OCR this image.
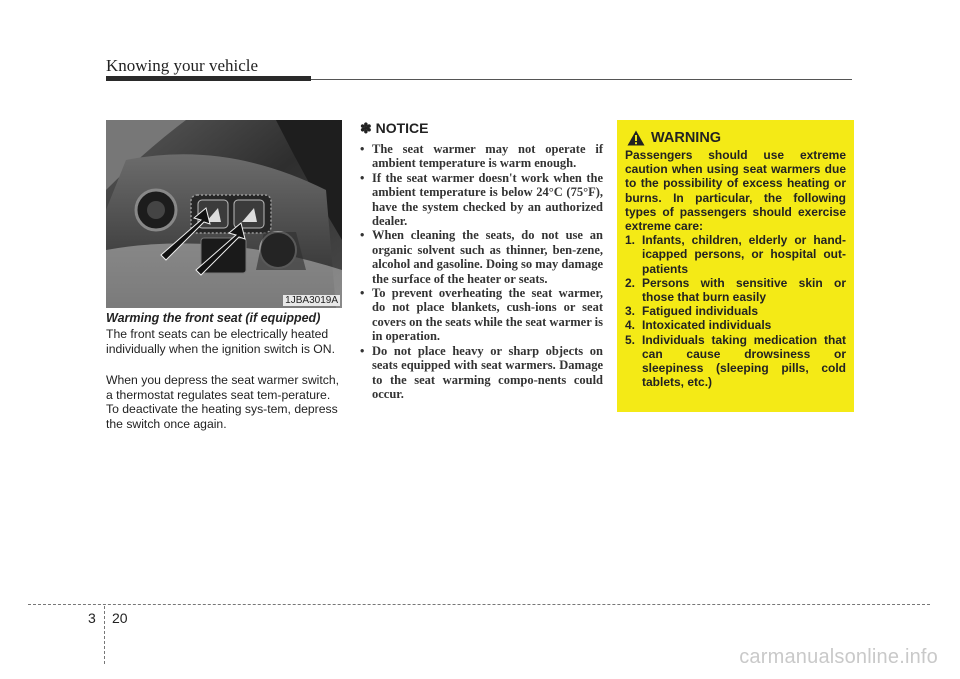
Knowing your vehicle
1JBA3019A
Warming the front seat (if equipped)

The front seats can be electrically heated individually when the ignition switch is ON.

When you depress the seat warmer switch, a thermostat regulates seat tem-perature. To deactivate the heating sys-tem, depress the switch once again.

✽ NOTICE
• The seat warmer may not operate if ambient temperature is warm enough.
• If the seat warmer doesn't work when the ambient temperature is below 24°C (75°F), have the system checked by an authorized dealer.
• When cleaning the seats, do not use an organic solvent such as thinner, ben-zene, alcohol and gasoline. Doing so may damage the surface of the heater or seats.
• To prevent overheating the seat warmer, do not place blankets, cush-ions or seat covers on the seats while the seat warmer is in operation.
• Do not place heavy or sharp objects on seats equipped with seat warmers. Damage to the seat warming compo-nents could occur.
WARNING

Passengers should use extreme caution when using seat warmers due to the possibility of excess heating or burns. In particular, the following types of passengers should exercise extreme care:

1. Infants, children, elderly or hand-icapped persons, or hospital out-patients
2. Persons with sensitive skin or those that burn easily
3. Fatigued individuals
4. Intoxicated individuals
5. Individuals taking medication that can cause drowsiness or sleepiness (sleeping pills, cold tablets, etc.)
3 20
carmanualsonline.info
